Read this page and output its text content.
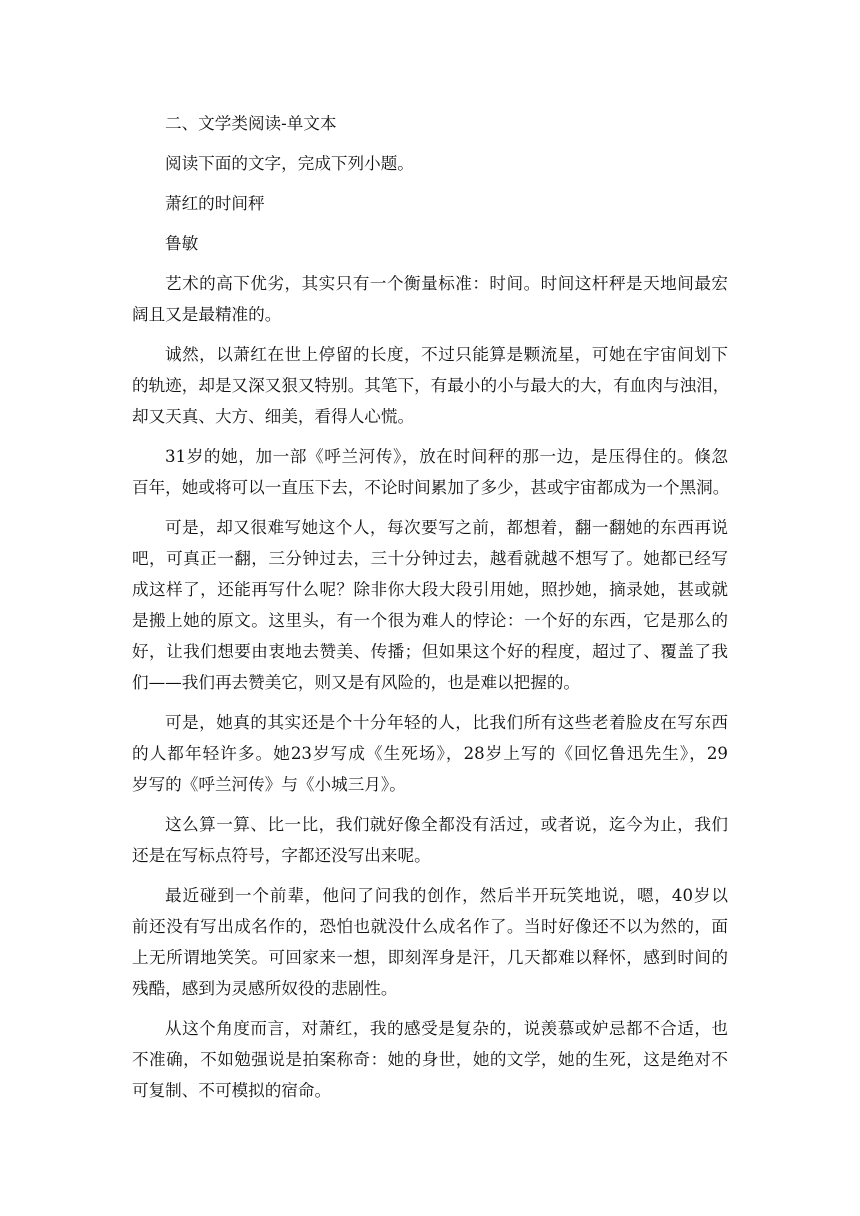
二、文学类阅读-单文本
阅读下面的文字，完成下列小题。
萧红的时间秤
鲁敏
艺术的高下优劣，其实只有一个衡量标准：时间。时间这杆秤是天地间最宏
阔且又是最精准的。
诚然，以萧红在世上停留的长度，不过只能算是颗流星，可她在宇宙间划下
的轨迹，却是又深又狠又特别。其笔下，有最小的小与最大的大，有血肉与浊泪，
却又天真、大方、细美，看得人心慌。
31岁的她，加一部《呼兰河传》，放在时间秤的那一边，是压得住的。倏忽
百年，她或将可以一直压下去，不论时间累加了多少，甚或宇宙都成为一个黑洞。
可是，却又很难写她这个人，每次要写之前，都想着，翻一翻她的东西再说
吧，可真正一翻，三分钟过去，三十分钟过去，越看就越不想写了。她都已经写
成这样了，还能再写什么呢？除非你大段大段引用她，照抄她，摘录她，甚或就
是搬上她的原文。这里头，有一个很为难人的悖论：一个好的东西，它是那么的
好，让我们想要由衷地去赞美、传播；但如果这个好的程度，超过了、覆盖了我
们——我们再去赞美它，则又是有风险的，也是难以把握的。
可是，她真的其实还是个十分年轻的人，比我们所有这些老着脸皮在写东西
的人都年轻许多。她23岁写成《生死场》，28岁上写的《回忆鲁迅先生》，29
岁写的《呼兰河传》与《小城三月》。
这么算一算、比一比，我们就好像全都没有活过，或者说，迄今为止，我们
还是在写标点符号，字都还没写出来呢。
最近碰到一个前辈，他问了问我的创作，然后半开玩笑地说，嗯，40岁以
前还没有写出成名作的，恐怕也就没什么成名作了。当时好像还不以为然的，面
上无所谓地笑笑。可回家来一想，即刻浑身是汗，几天都难以释怀，感到时间的
残酷，感到为灵感所奴役的悲剧性。
从这个角度而言，对萧红，我的感受是复杂的，说羡慕或妒忌都不合适，也
不准确，不如勉强说是拍案称奇：她的身世，她的文学，她的生死，这是绝对不
可复制、不可模拟的宿命。
